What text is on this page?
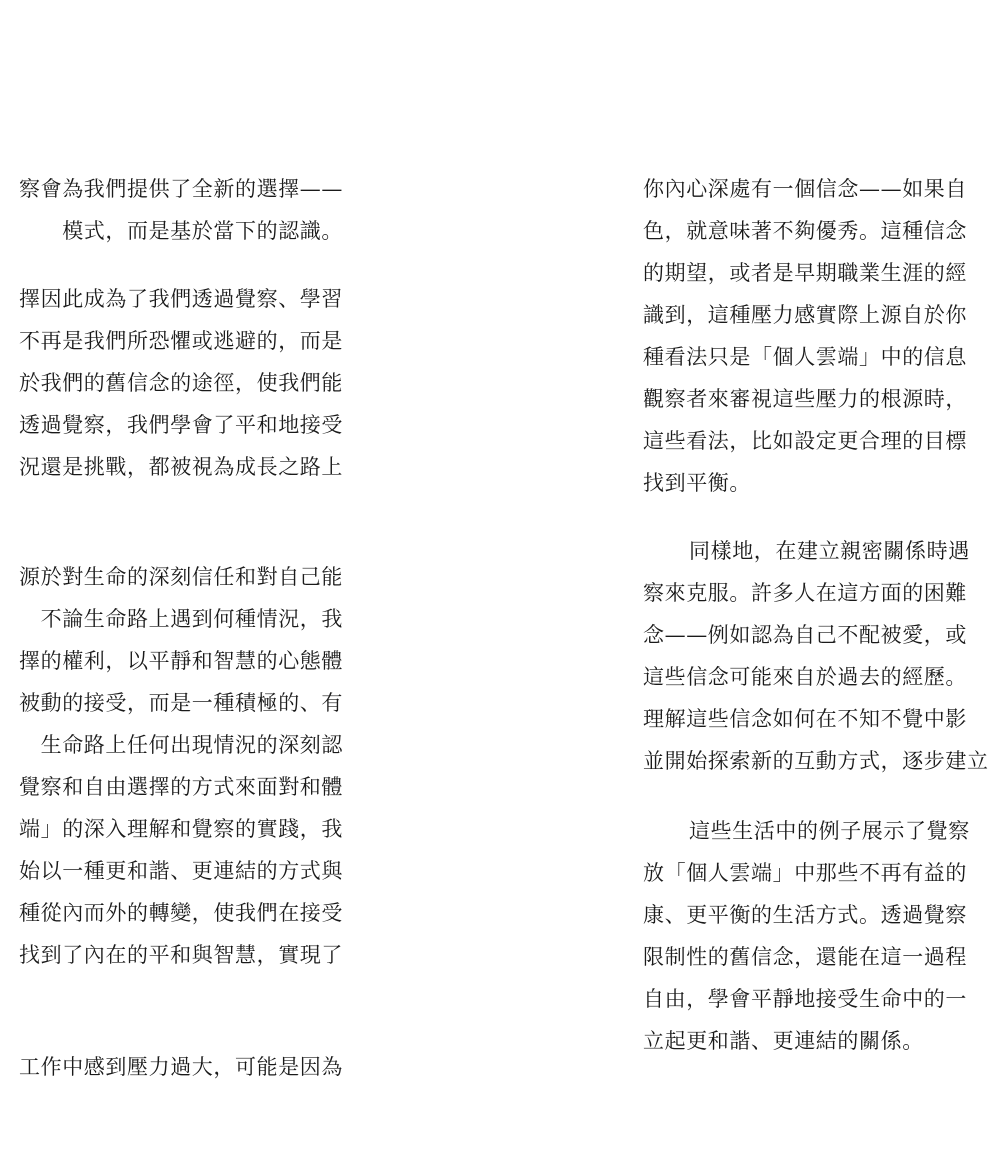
察會為我們提供了全新的選擇——
模式，而是基於當下的認識。
擇因此成為了我們透過覺察、學習
不再是我們所恐懼或逃避的，而是
於我們的舊信念的途徑，使我們能
透過覺察，我們學會了平和地接受
況還是挑戰，都被視為成長之路上
源於對生命的深刻信任和對自己能
不論生命路上遇到何種情況，我
擇的權利，以平靜和智慧的心態體
被動的接受，而是一種積極的、有
生命路上任何出現情況的深刻認
覺察和自由選擇的方式來面對和體
端」的深入理解和覺察的實踐，我
始以一種更和諧、更連結的方式與
種從內而外的轉變，使我們在接受
找到了內在的平和與智慧，實現了
工作中感到壓力過大，可能是因為
你內心深處有一個信念——如果自
色，就意味著不夠優秀。這種信念
的期望，或者是早期職業生涯的經
識到，這種壓力感實際上源自於你
種看法只是「個人雲端」中的信息
觀察者來審視這些壓力的根源時，
這些看法，比如設定更合理的目標
找到平衡。
同樣地，在建立親密關係時遇
察來克服。許多人在這方面的困難
念——例如認為自己不配被愛，或
這些信念可能來自於過去的經歷。
理解這些信念如何在不知不覺中影
並開始探索新的互動方式，逐步建立
這些生活中的例子展示了覺察
放「個人雲端」中那些不再有益的
康、更平衡的生活方式。透過覺察
限制性的舊信念，還能在這一過程
自由，學會平靜地接受生命中的一
立起更和諧、更連結的關係。
